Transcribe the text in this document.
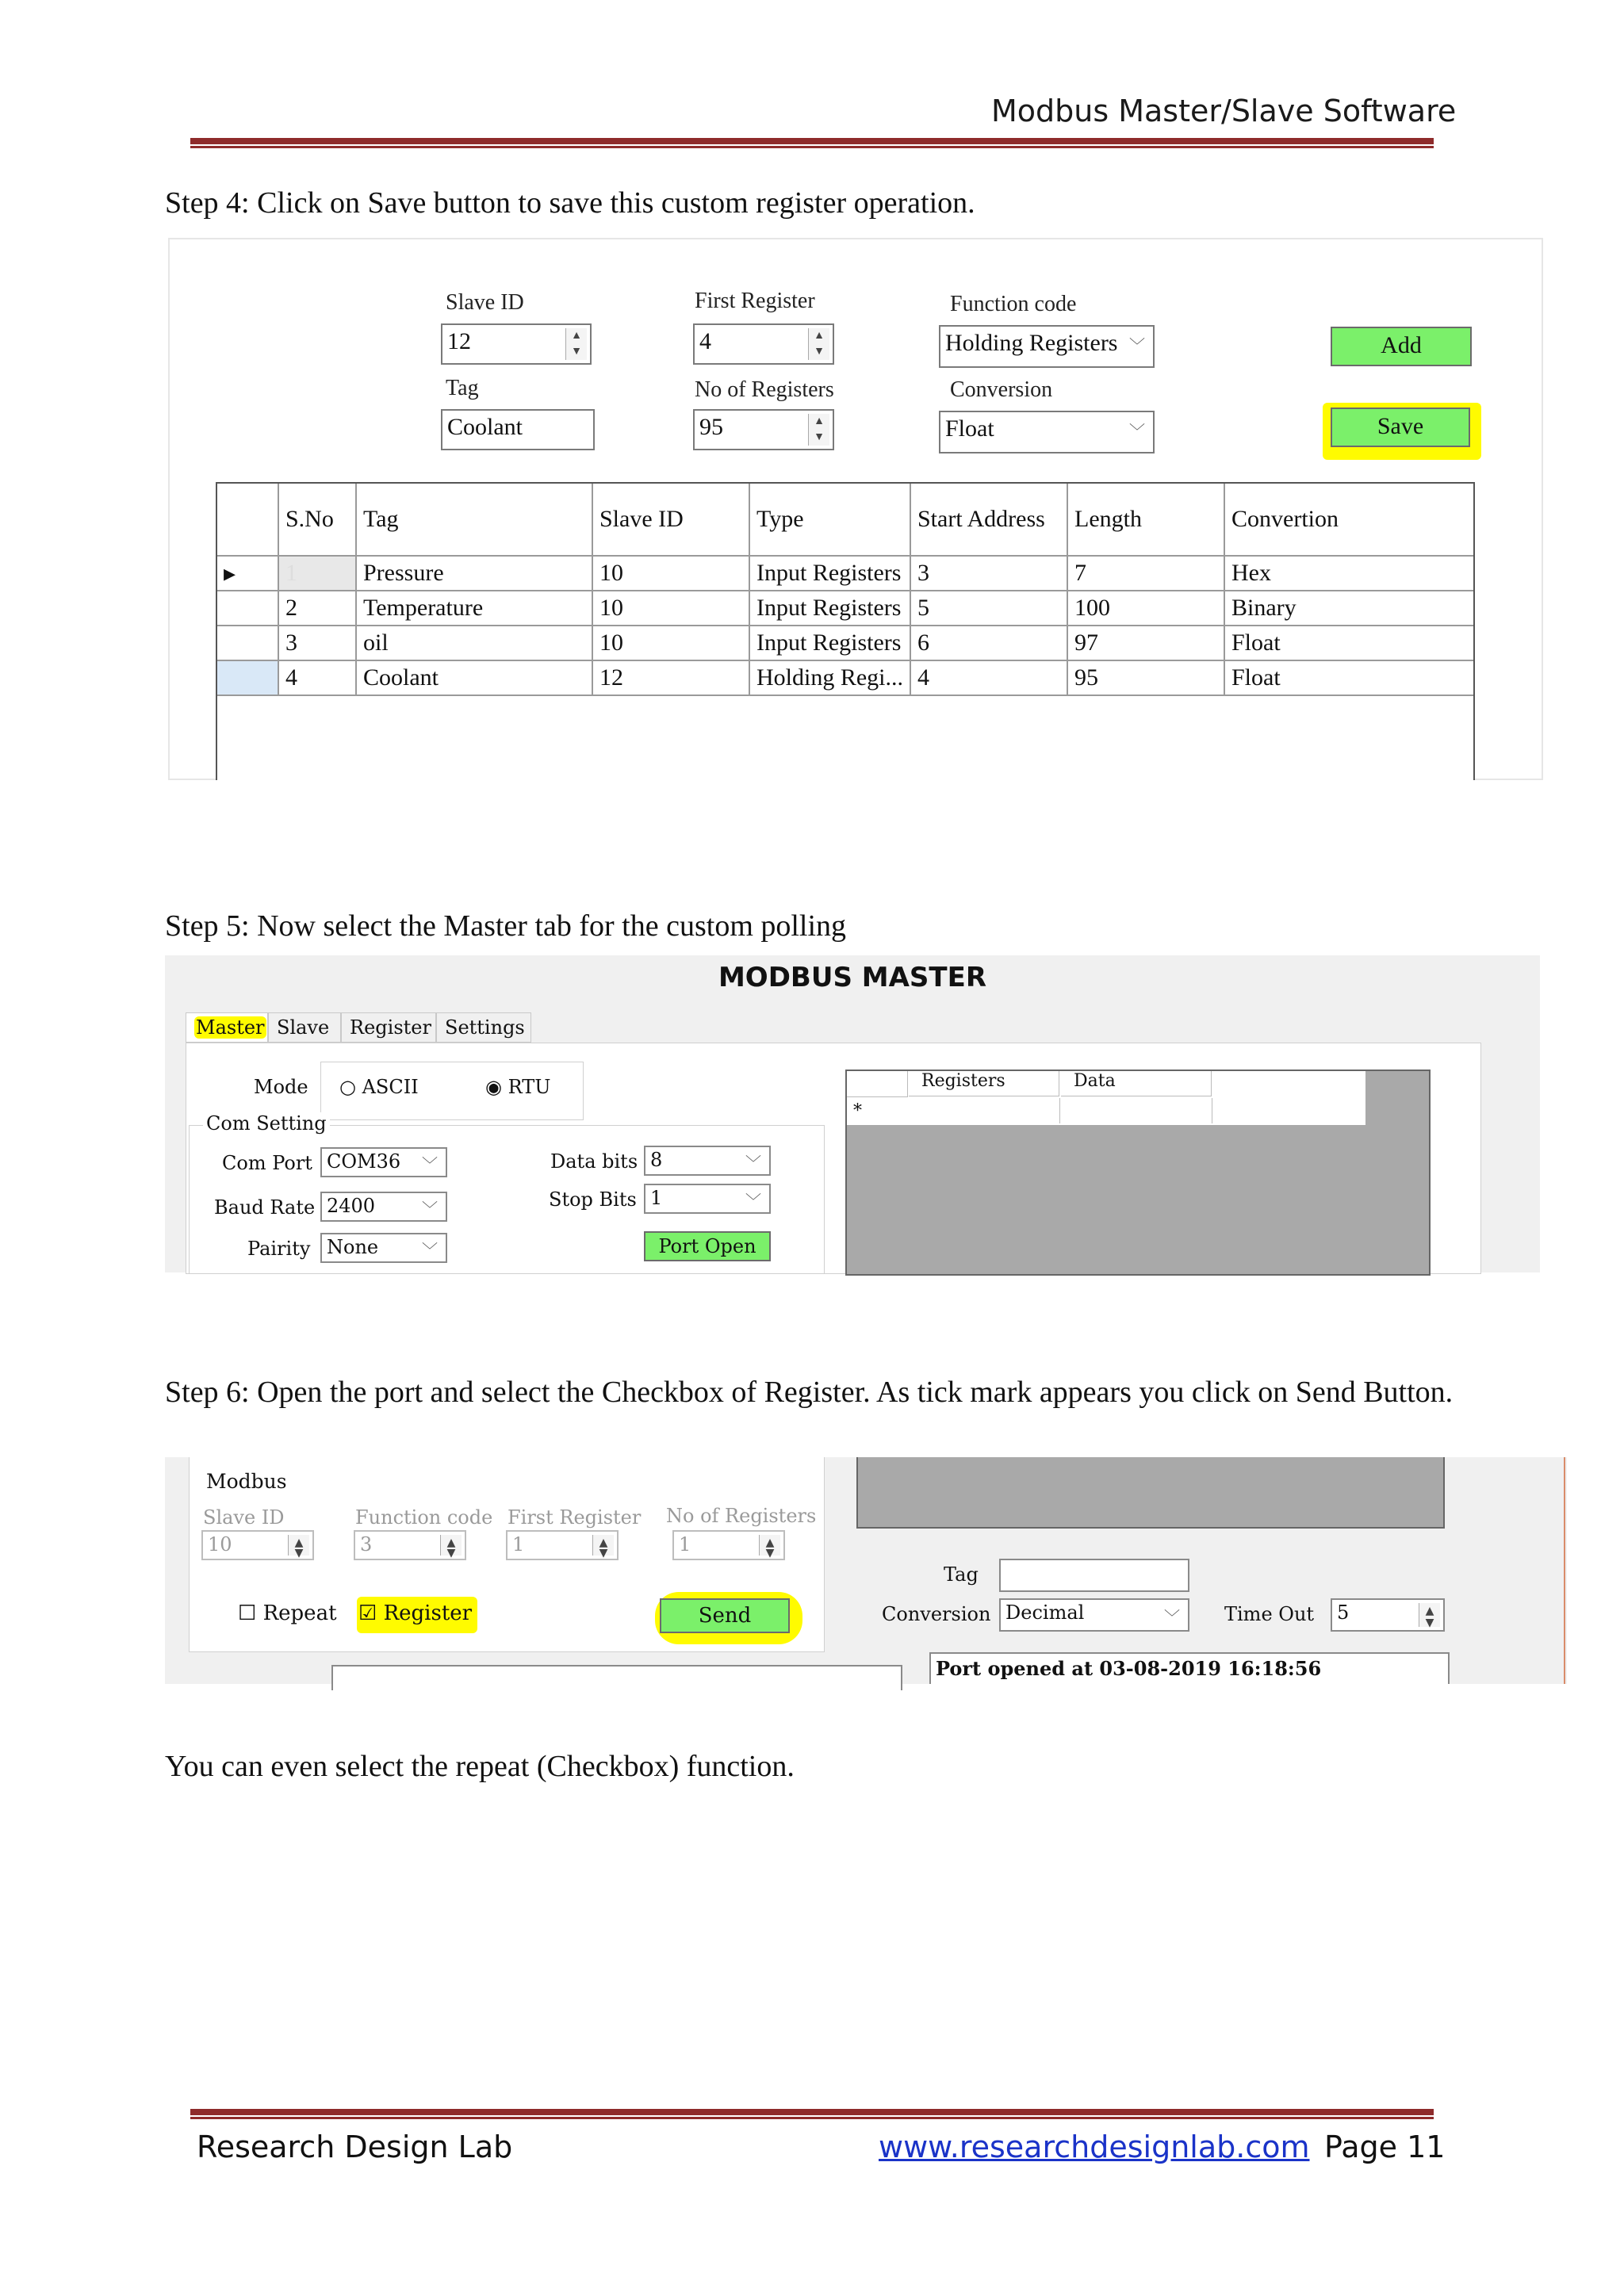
Modbus Master/Slave Software
Step 4: Click on Save button to save this custom register operation.
Slave ID
12	▲
▼
Tag
Coolant
First Register
4	▲
▼
No of Registers
95	▲
▼
Function code
Holding Registers ﹀
Conversion
Float	﹀
Add
Save
	S.No	Tag	Slave ID	Type	Start Address	Length	Convertion
▸	1	Pressure	10	Input Registers	3	7	Hex
	2	Temperature	10	Input Registers	5	100	Binary
	3	oil	10	Input Registers	6	97	Float
	4	Coolant	12	Holding Regi...	4	95	Float
Step 5: Now select the Master tab for the custom polling
MODBUS MASTER
Master Slave	Register Settings
Mode ○ ASCII	◉ RTU
Com Setting
Com Port COM36 ﹀
Baud Rate 2400	﹀
Pairity None	﹀
Data bits 8	﹀
Stop Bits 1	﹀
Port Open
Registers	Data
*
Step 6: Open the port and select the Checkbox of Register. As tick mark appears you click on Send Button.
Modbus
Slave ID
10	▲
▼
Function code
3	▲
▼
First Register
1	▲
▼
No of Registers
1	▲
▼
☐ Repeat ☑ Register	Send
Tag
Conversion Decimal	﹀ Time Out	5	▲
▼
Port opened at 03-08-2019 16:18:56
You can even select the repeat (Checkbox) function.
Research Design Lab	www.researchdesignlab.com Page 11
